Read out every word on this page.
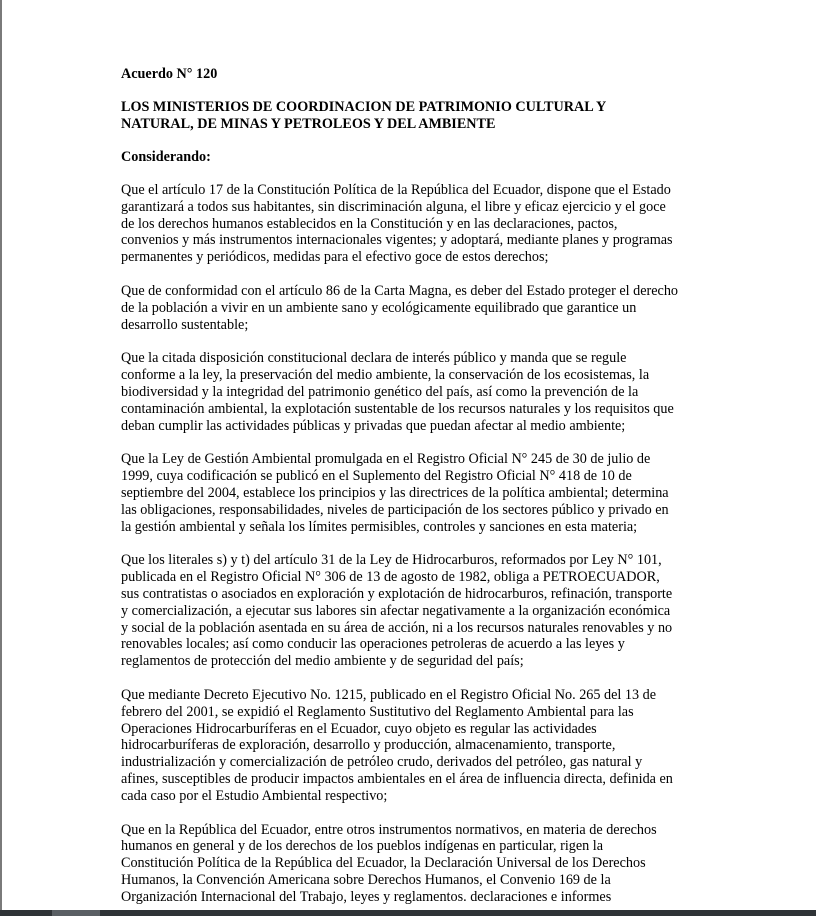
Acuerdo N° 120
LOS MINISTERIOS DE COORDINACION DE PATRIMONIO CULTURAL Y
NATURAL, DE MINAS Y PETROLEOS Y DEL AMBIENTE
Considerando:
Que el artículo 17 de la Constitución Política de la República del Ecuador, dispone que el Estado
garantizará a todos sus habitantes, sin discriminación alguna, el libre y eficaz ejercicio y el goce
de los derechos humanos establecidos en la Constitución y en las declaraciones, pactos,
convenios y más instrumentos internacionales vigentes; y adoptará, mediante planes y programas
permanentes y periódicos, medidas para el efectivo goce de estos derechos;
Que de conformidad con el artículo 86 de la Carta Magna, es deber del Estado proteger el derecho
de la población a vivir en un ambiente sano y ecológicamente equilibrado que garantice un
desarrollo sustentable;
Que la citada disposición constitucional declara de interés público y manda que se regule
conforme a la ley, la preservación del medio ambiente, la conservación de los ecosistemas, la
biodiversidad y la integridad del patrimonio genético del país, así como la prevención de la
contaminación ambiental, la explotación sustentable de los recursos naturales y los requisitos que
deban cumplir las actividades públicas y privadas que puedan afectar al medio ambiente;
Que la Ley de Gestión Ambiental promulgada en el Registro Oficial N° 245 de 30 de julio de
1999, cuya codificación se publicó en el Suplemento del Registro Oficial N° 418 de 10 de
septiembre del 2004, establece los principios y las directrices de la política ambiental; determina
las obligaciones, responsabilidades, niveles de participación de los sectores público y privado en
la gestión ambiental y señala los límites permisibles, controles y sanciones en esta materia;
Que los literales s) y t) del artículo 31 de la Ley de Hidrocarburos, reformados por Ley N° 101,
publicada en el Registro Oficial N° 306 de 13 de agosto de 1982, obliga a PETROECUADOR,
sus contratistas o asociados en exploración y explotación de hidrocarburos, refinación, transporte
y comercialización, a ejecutar sus labores sin afectar negativamente a la organización económica
y social de la población asentada en su área de acción, ni a los recursos naturales renovables y no
renovables locales; así como conducir las operaciones petroleras de acuerdo a las leyes y
reglamentos de protección del medio ambiente y de seguridad del país;
Que mediante Decreto Ejecutivo No. 1215, publicado en el Registro Oficial No. 265 del 13 de
febrero del 2001, se expidió el Reglamento Sustitutivo del Reglamento Ambiental para las
Operaciones Hidrocarburíferas en el Ecuador, cuyo objeto es regular las actividades
hidrocarburíferas de exploración, desarrollo y producción, almacenamiento, transporte,
industrialización y comercialización de petróleo crudo, derivados del petróleo, gas natural y
afines, susceptibles de producir impactos ambientales en el área de influencia directa, definida en
cada caso por el Estudio Ambiental respectivo;
Que en la República del Ecuador, entre otros instrumentos normativos, en materia de derechos
humanos en general y de los derechos de los pueblos indígenas en particular, rigen la
Constitución Política de la República del Ecuador, la Declaración Universal de los Derechos
Humanos, la Convención Americana sobre Derechos Humanos, el Convenio 169 de la
Organización Internacional del Trabajo, leyes y reglamentos. declaraciones e informes
